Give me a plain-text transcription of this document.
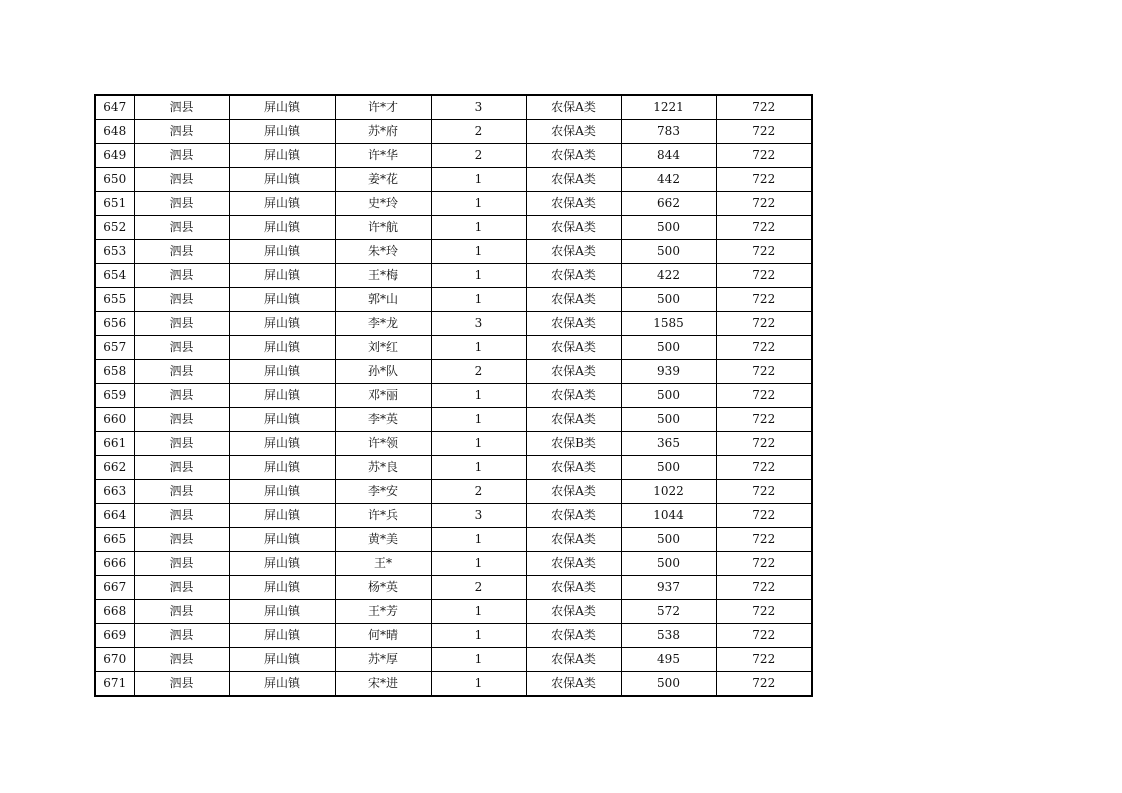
647	泗县	屏山镇	许*才	3	农保A类	1221	722
648	泗县	屏山镇	苏*府	2	农保A类	783	722
649	泗县	屏山镇	许*华	2	农保A类	844	722
650	泗县	屏山镇	姜*花	1	农保A类	442	722
651	泗县	屏山镇	史*玲	1	农保A类	662	722
652	泗县	屏山镇	许*航	1	农保A类	500	722
653	泗县	屏山镇	朱*玲	1	农保A类	500	722
654	泗县	屏山镇	王*梅	1	农保A类	422	722
655	泗县	屏山镇	郭*山	1	农保A类	500	722
656	泗县	屏山镇	李*龙	3	农保A类	1585	722
657	泗县	屏山镇	刘*红	1	农保A类	500	722
658	泗县	屏山镇	孙*队	2	农保A类	939	722
659	泗县	屏山镇	邓*丽	1	农保A类	500	722
660	泗县	屏山镇	李*英	1	农保A类	500	722
661	泗县	屏山镇	许*领	1	农保B类	365	722
662	泗县	屏山镇	苏*良	1	农保A类	500	722
663	泗县	屏山镇	李*安	2	农保A类	1022	722
664	泗县	屏山镇	许*兵	3	农保A类	1044	722
665	泗县	屏山镇	黄*美	1	农保A类	500	722
666	泗县	屏山镇	王*	1	农保A类	500	722
667	泗县	屏山镇	杨*英	2	农保A类	937	722
668	泗县	屏山镇	王*芳	1	农保A类	572	722
669	泗县	屏山镇	何*晴	1	农保A类	538	722
670	泗县	屏山镇	苏*厚	1	农保A类	495	722
671	泗县	屏山镇	宋*进	1	农保A类	500	722
